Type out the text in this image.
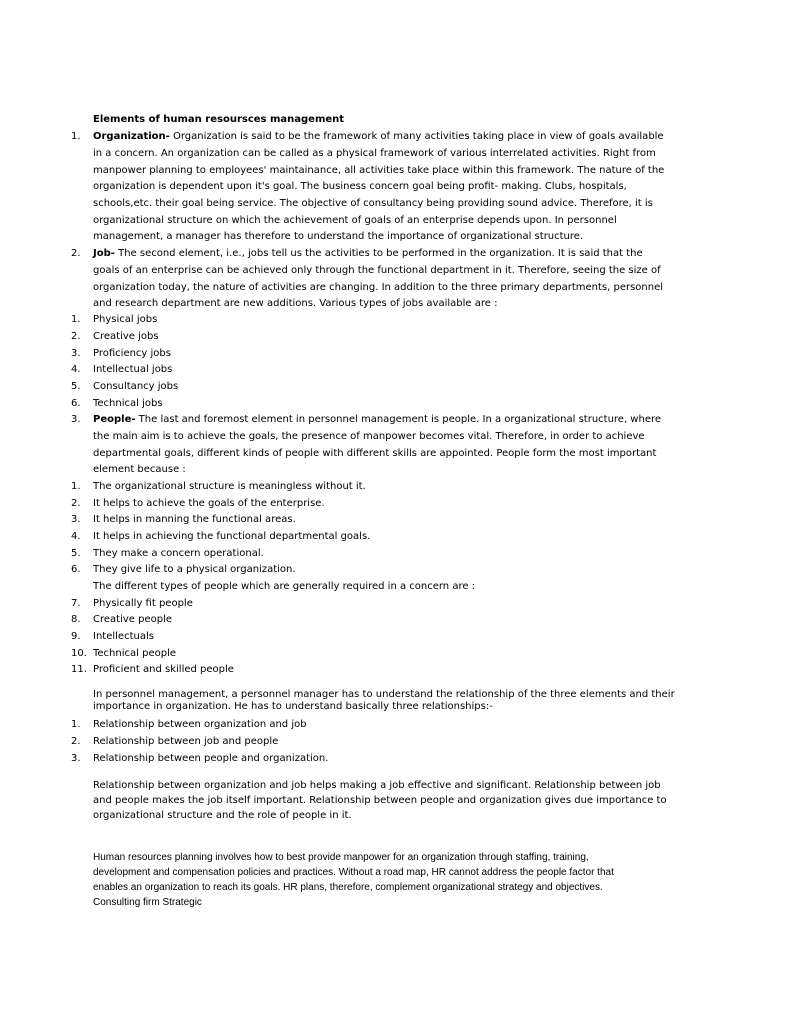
Elements of human resoursces management
1. Organization- Organization is said to be the framework of many activities taking place in view of goals available
in a concern. An organization can be called as a physical framework of various interrelated activities. Right from
manpower planning to employees' maintainance, all activities take place within this framework. The nature of the
organization is dependent upon it's goal. The business concern goal being profit- making. Clubs, hospitals,
schools,etc. their goal being service. The objective of consultancy being providing sound advice. Therefore, it is
organizational structure on which the achievement of goals of an enterprise depends upon. In personnel
management, a manager has therefore to understand the importance of organizational structure.
2. Job- The second element, i.e., jobs tell us the activities to be performed in the organization. It is said that the
goals of an enterprise can be achieved only through the functional department in it. Therefore, seeing the size of
organization today, the nature of activities are changing. In addition to the three primary departments, personnel
and research department are new additions. Various types of jobs available are :
1. Physical jobs
2. Creative jobs
3. Proficiency jobs
4. Intellectual jobs
5. Consultancy jobs
6. Technical jobs
3. People- The last and foremost element in personnel management is people. In a organizational structure, where
the main aim is to achieve the goals, the presence of manpower becomes vital. Therefore, in order to achieve
departmental goals, different kinds of people with different skills are appointed. People form the most important
element because :
1. The organizational structure is meaningless without it.
2. It helps to achieve the goals of the enterprise.
3. It helps in manning the functional areas.
4. It helps in achieving the functional departmental goals.
5. They make a concern operational.
6. They give life to a physical organization.
The different types of people which are generally required in a concern are :
7. Physically fit people
8. Creative people
9. Intellectuals
10. Technical people
11. Proficient and skilled people
In personnel management, a personnel manager has to understand the relationship of the three elements and their
importance in organization. He has to understand basically three relationships:-
1. Relationship between organization and job
2. Relationship between job and people
3. Relationship between people and organization.
Relationship between organization and job helps making a job effective and significant. Relationship between job
and people makes the job itself important. Relationship between people and organization gives due importance to
organizational structure and the role of people in it.
Human resources planning involves how to best provide manpower for an organization through staffing, training,
development and compensation policies and practices. Without a road map, HR cannot address the people factor that
enables an organization to reach its goals. HR plans, therefore, complement organizational strategy and objectives.
Consulting firm Strategic
